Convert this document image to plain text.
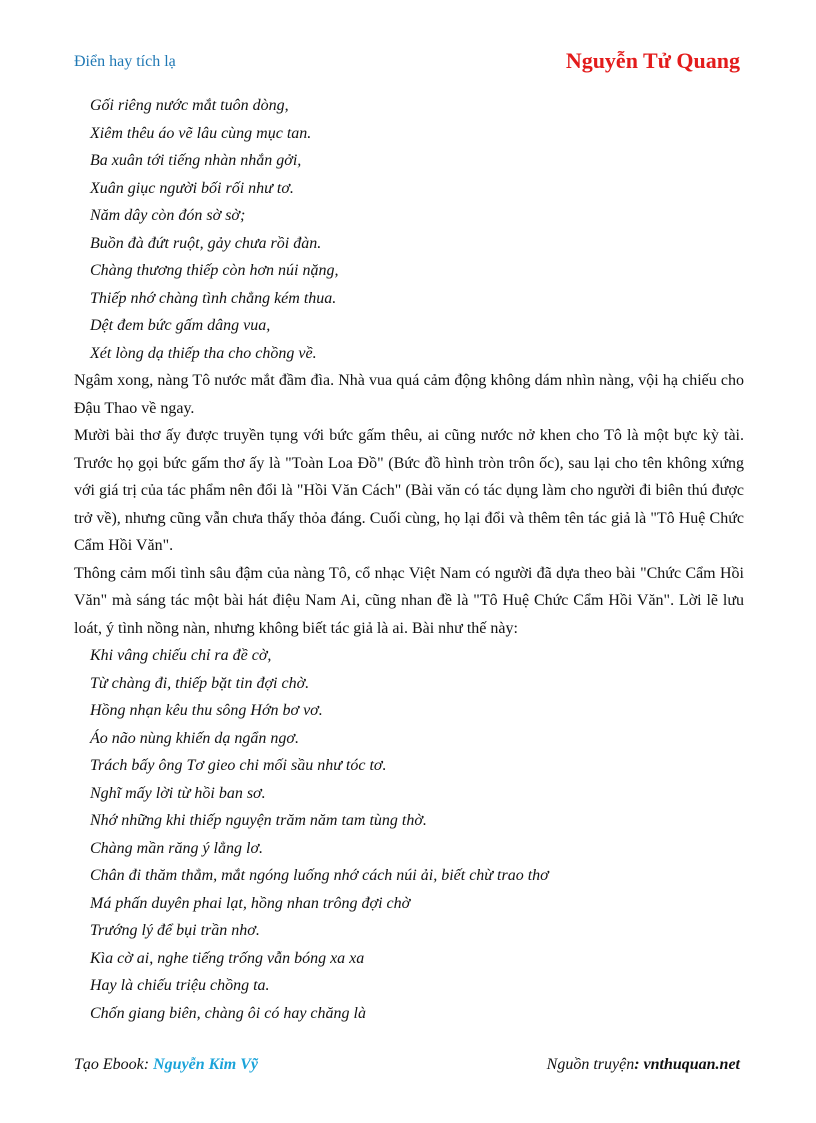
Điển hay tích lạ	Nguyễn Tử Quang

Gối riêng nước mắt tuôn dòng,

Xiêm thêu áo vẽ lâu cùng mục tan.

Ba xuân tới tiếng nhàn nhắn gởi,

Xuân giục người bối rối như tơ.

Năm dây còn đón sờ sờ;

Buồn đà đứt ruột, gảy chưa rồi đàn.

Chàng thương thiếp còn hơn núi nặng,

Thiếp nhớ chàng tình chẳng kém thua.

Dệt đem bức gấm dâng vua,

Xét lòng dạ thiếp tha cho chồng về.

Ngâm xong, nàng Tô nước mắt đầm đìa. Nhà vua quá cảm động không dám nhìn nàng, vội hạ chiếu cho Đậu Thao về ngay.

Mười bài thơ ấy được truyền tụng với bức gấm thêu, ai cũng nước nở khen cho Tô là một bực kỳ tài. Trước họ gọi bức gấm thơ ấy là "Toàn Loa Đồ" (Bức đồ hình tròn trôn ốc), sau lại cho tên không xứng với giá trị của tác phẩm nên đổi là "Hồi Văn Cách" (Bài văn có tác dụng làm cho người đi biên thú được trở về), nhưng cũng vẫn chưa thấy thỏa đáng. Cuối cùng, họ lại đổi và thêm tên tác giả là "Tô Huệ Chức Cẩm Hồi Văn".

Thông cảm mối tình sâu đậm của nàng Tô, cổ nhạc Việt Nam có người đã dựa theo bài "Chức Cẩm Hồi Văn" mà sáng tác một bài hát điệu Nam Ai, cũng nhan đề là "Tô Huệ Chức Cẩm Hồi Văn". Lời lẽ lưu loát, ý tình nồng nàn, nhưng không biết tác giả là ai. Bài như thế này:

Khi vâng chiếu chỉ ra đề cờ,

Từ chàng đi, thiếp bặt tin đợi chờ.

Hồng nhạn kêu thu sông Hớn bơ vơ.

Áo não nùng khiến dạ ngẩn ngơ.

Trách bấy ông Tơ gieo chi mối sầu như tóc tơ.

Nghĩ mấy lời từ hồi ban sơ.

Nhớ những khi thiếp nguyện trăm năm tam tùng thờ.

Chàng mần răng ý lẳng lơ.

Chân đi thăm thẳm, mắt ngóng luống nhớ cách núi ải, biết chừ trao thơ

Má phấn duyên phai lạt, hồng nhan trông đợi chờ

Trướng lý để bụi trần nhơ.

Kìa cờ ai, nghe tiếng trống vẫn bóng xa xa

Hay là chiếu triệu chồng ta.

Chốn giang biên, chàng ôi có hay chăng là

Tạo Ebook: Nguyễn Kim Vỹ	Nguồn truyện: vnthuquan.net
